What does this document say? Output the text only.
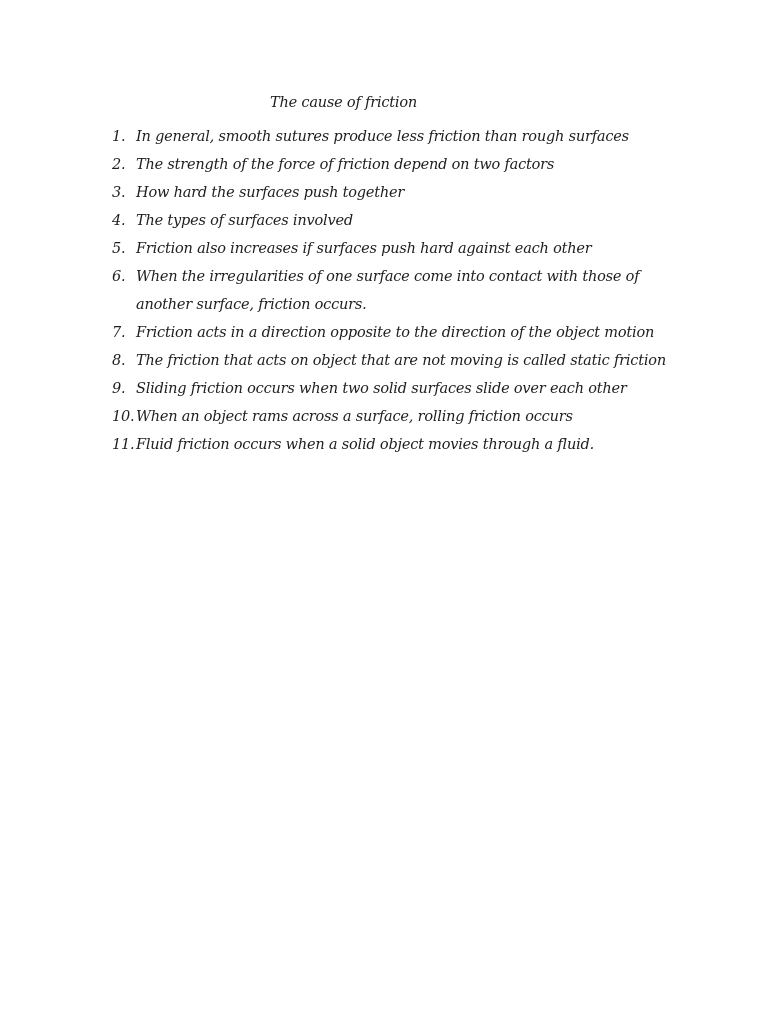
The cause of friction
1. In general, smooth sutures produce less friction than rough surfaces
2. The strength of the force of friction depend on two factors
3. How hard the surfaces push together
4. The types of surfaces involved
5. Friction also increases if surfaces push hard against each other
6. When the irregularities of one surface come into contact with those of another surface, friction occurs.
7. Friction acts in a direction opposite to the direction of the object motion
8. The friction that acts on object that are not moving is called static friction
9. Sliding friction occurs when two solid surfaces slide over each other
10. When an object rams across a surface, rolling friction occurs
11. Fluid friction occurs when a solid object movies through a fluid.
